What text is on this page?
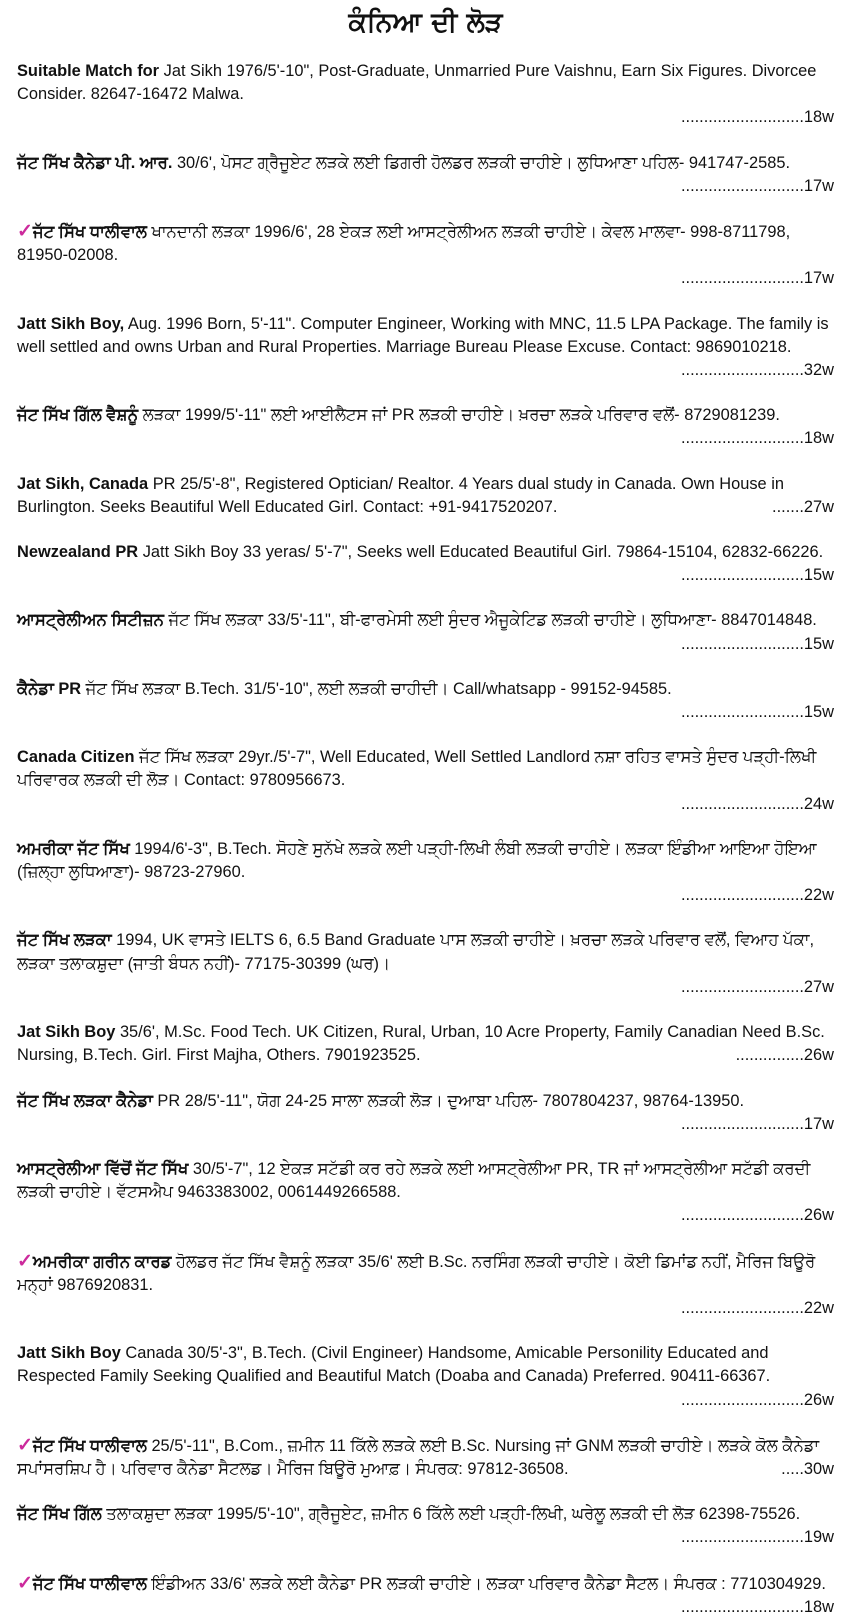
ਕੰਨਿਆ ਦੀ ਲੋੜ
Suitable Match for Jat Sikh 1976/5'-10", Post-Graduate, Unmarried Pure Vaishnu, Earn Six Figures. Divorcee Consider. 82647-16472 Malwa.
...........................18w
ਜੱਟ ਸਿੱਖ ਕੈਨੇਡਾ ਪੀ. ਆਰ. 30/6', ਪੋਸਟ ਗ੍ਰੈਜੂਏਟ ਲੜਕੇ ਲਈ ਡਿਗਰੀ ਹੋਲਡਰ ਲੜਕੀ ਚਾਹੀਏ। ਲੁਧਿਆਣਾ ਪਹਿਲ- 941747-2585.
...........................17w
✓ਜੱਟ ਸਿੱਖ ਧਾਲੀਵਾਲ ਖਾਨਦਾਨੀ ਲੜਕਾ 1996/6', 28 ਏਕੜ ਲਈ ਆਸਟ੍ਰੇਲੀਅਨ ਲੜਕੀ ਚਾਹੀਏ। ਕੇਵਲ ਮਾਲਵਾ- 998-8711798, 81950-02008.
...........................17w
Jatt Sikh Boy, Aug. 1996 Born, 5'-11". Computer Engineer, Working with MNC, 11.5 LPA Package. The family is well settled and owns Urban and Rural Properties. Marriage Bureau Please Excuse. Contact: 9869010218.
...........................32w
ਜੱਟ ਸਿੱਖ ਗਿੱਲ ਵੈਸ਼ਨੂੰ ਲੜਕਾ 1999/5'-11" ਲਈ ਆਈਲੈਟਸ ਜਾਂ PR ਲੜਕੀ ਚਾਹੀਏ। ਖ਼ਰਚਾ ਲੜਕੇ ਪਰਿਵਾਰ ਵਲੋਂ- 8729081239.
...........................18w
Jat Sikh, Canada PR 25/5'-8", Registered Optician/ Realtor. 4 Years dual study in Canada. Own House in Burlington. Seeks Beautiful Well Educated Girl. Contact: +91-9417520207.	.......27w
Newzealand PR Jatt Sikh Boy 33 yeras/ 5'-7", Seeks well Educated Beautiful Girl. 79864-15104, 62832-66226.
...........................15w
ਆਸਟ੍ਰੇਲੀਅਨ ਸਿਟੀਜ਼ਨ ਜੱਟ ਸਿੱਖ ਲੜਕਾ 33/5'-11", ਬੀ-ਫਾਰਮੇਸੀ ਲਈ ਸੁੰਦਰ ਐਜੂਕੇਟਿਡ ਲੜਕੀ ਚਾਹੀਏ। ਲੁਧਿਆਣਾ- 8847014848.
...........................15w
ਕੈਨੇਡਾ PR ਜੱਟ ਸਿੱਖ ਲੜਕਾ B.Tech. 31/5'-10", ਲਈ ਲੜਕੀ ਚਾਹੀਦੀ। Call/whatsapp - 99152-94585.
...........................15w
Canada Citizen ਜੱਟ ਸਿੱਖ ਲੜਕਾ 29yr./5'-7", Well Educated, Well Settled Landlord ਨਸ਼ਾ ਰਹਿਤ ਵਾਸਤੇ ਸੁੰਦਰ ਪੜ੍ਹੀ-ਲਿਖੀ ਪਰਿਵਾਰਕ ਲੜਕੀ ਦੀ ਲੋੜ। Contact: 9780956673.
...........................24w
ਅਮਰੀਕਾ ਜੱਟ ਸਿੱਖ 1994/6'-3", B.Tech. ਸੋਹਣੇ ਸੁਨੱਖੇ ਲੜਕੇ ਲਈ ਪੜ੍ਹੀ-ਲਿਖੀ ਲੰਬੀ ਲੜਕੀ ਚਾਹੀਏ। ਲੜਕਾ ਇੰਡੀਆ ਆਇਆ ਹੋਇਆ (ਜ਼ਿਲ੍ਹਾ ਲੁਧਿਆਣਾ)- 98723-27960.
...........................22w
ਜੱਟ ਸਿੱਖ ਲੜਕਾ 1994, UK ਵਾਸਤੇ IELTS 6, 6.5 Band Graduate ਪਾਸ ਲੜਕੀ ਚਾਹੀਏ। ਖ਼ਰਚਾ ਲੜਕੇ ਪਰਿਵਾਰ ਵਲੋਂ, ਵਿਆਹ ਪੱਕਾ, ਲੜਕਾ ਤਲਾਕਸ਼ੁਦਾ (ਜਾਤੀ ਬੰਧਨ ਨਹੀਂ)- 77175-30399 (ਘਰ)।
...........................27w
Jat Sikh Boy 35/6', M.Sc. Food Tech. UK Citizen, Rural, Urban, 10 Acre Property, Family Canadian Need B.Sc. Nursing, B.Tech. Girl. First Majha, Others. 7901923525.	...............26w
ਜੱਟ ਸਿੱਖ ਲੜਕਾ ਕੈਨੇਡਾ PR 28/5'-11", ਯੋਗ 24-25 ਸਾਲਾ ਲੜਕੀ ਲੋੜ। ਦੁਆਬਾ ਪਹਿਲ- 7807804237, 98764-13950.
...........................17w
ਆਸਟ੍ਰੇਲੀਆ ਵਿੱਚੋਂ ਜੱਟ ਸਿੱਖ 30/5'-7", 12 ਏਕੜ ਸਟੱਡੀ ਕਰ ਰਹੇ ਲੜਕੇ ਲਈ ਆਸਟ੍ਰੇਲੀਆ PR, TR ਜਾਂ ਆਸਟ੍ਰੇਲੀਆ ਸਟੱਡੀ ਕਰਦੀ ਲੜਕੀ ਚਾਹੀਏ। ਵੱਟਸਐਪ 9463383002, 0061449266588.
...........................26w
✓ਅਮਰੀਕਾ ਗਰੀਨ ਕਾਰਡ ਹੋਲਡਰ ਜੱਟ ਸਿੱਖ ਵੈਸ਼ਨੂੰ ਲੜਕਾ 35/6' ਲਈ B.Sc. ਨਰਸਿੰਗ ਲੜਕੀ ਚਾਹੀਏ। ਕੋਈ ਡਿਮਾਂਡ ਨਹੀਂ, ਮੈਰਿਜ ਬਿਊਰੋ ਮਨ੍ਹਾਂ 9876920831.
...........................22w
Jatt Sikh Boy Canada 30/5'-3", B.Tech. (Civil Engineer) Handsome, Amicable Personility Educated and Respected Family Seeking Qualified and Beautiful Match (Doaba and Canada) Preferred. 90411-66367.
...........................26w
✓ਜੱਟ ਸਿੱਖ ਧਾਲੀਵਾਲ 25/5'-11", B.Com., ਜ਼ਮੀਨ 11 ਕਿੱਲੇ ਲੜਕੇ ਲਈ B.Sc. Nursing ਜਾਂ GNM ਲੜਕੀ ਚਾਹੀਏ। ਲੜਕੇ ਕੋਲ ਕੈਨੇਡਾ ਸਪਾਂਸਰਸ਼ਿਪ ਹੈ। ਪਰਿਵਾਰ ਕੈਨੇਡਾ ਸੈਟਲਡ। ਮੈਰਿਜ ਬਿਊਰੋ ਮੁਆਫ਼। ਸੰਪਰਕ: 97812-36508.	.....30w
ਜੱਟ ਸਿੱਖ ਗਿੱਲ ਤਲਾਕਸ਼ੁਦਾ ਲੜਕਾ 1995/5'-10", ਗ੍ਰੈਜੂਏਟ, ਜ਼ਮੀਨ 6 ਕਿੱਲੇ ਲਈ ਪੜ੍ਹੀ-ਲਿਖੀ, ਘਰੇਲੂ ਲੜਕੀ ਦੀ ਲੋੜ 62398-75526.
...........................19w
✓ਜੱਟ ਸਿੱਖ ਧਾਲੀਵਾਲ ਇੰਡੀਅਨ 33/6' ਲੜਕੇ ਲਈ ਕੈਨੇਡਾ PR ਲੜਕੀ ਚਾਹੀਏ। ਲੜਕਾ ਪਰਿਵਾਰ ਕੈਨੇਡਾ ਸੈਟਲ। ਸੰਪਰਕ : 7710304929.
...........................18w
